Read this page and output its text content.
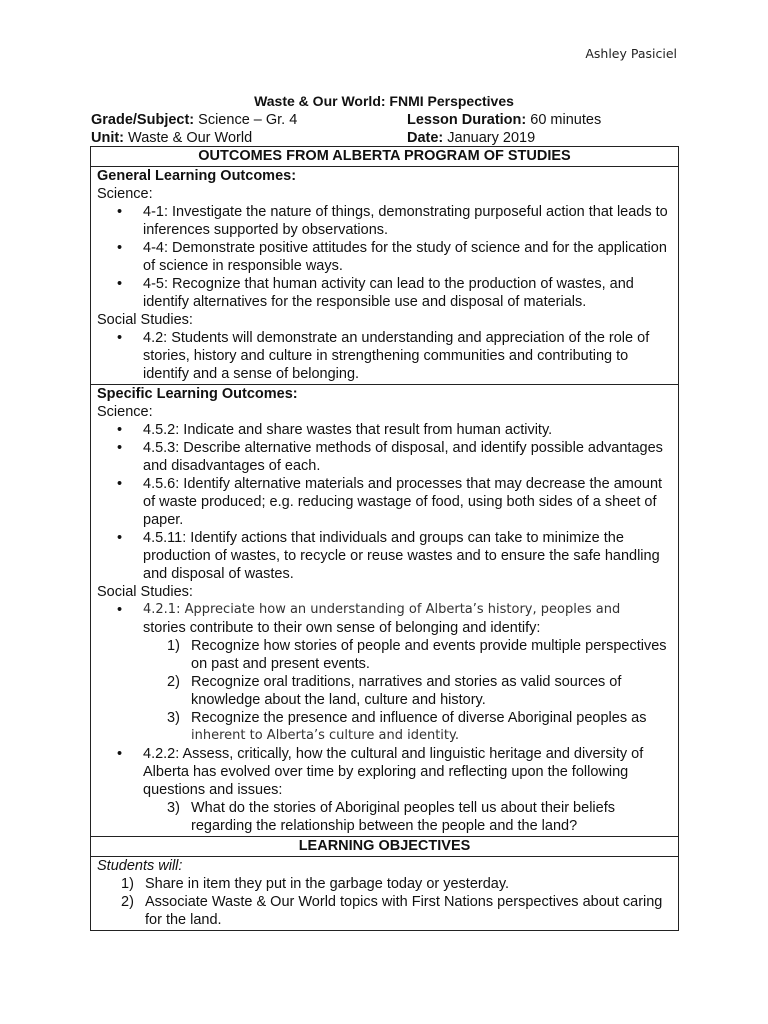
Ashley Pasiciel
Waste & Our World: FNMI Perspectives
Grade/Subject: Science – Gr. 4	Lesson Duration: 60 minutes
Unit: Waste & Our World	Date: January 2019
OUTCOMES FROM ALBERTA PROGRAM OF STUDIES

General Learning Outcomes:
Science:
• 4-1: Investigate the nature of things, demonstrating purposeful action that leads to inferences supported by observations.
• 4-4: Demonstrate positive attitudes for the study of science and for the application of science in responsible ways.
• 4-5: Recognize that human activity can lead to the production of wastes, and identify alternatives for the responsible use and disposal of materials.
Social Studies:
• 4.2: Students will demonstrate an understanding and appreciation of the role of stories, history and culture in strengthening communities and contributing to identify and a sense of belonging.

Specific Learning Outcomes:
Science:
• 4.5.2: Indicate and share wastes that result from human activity.
• 4.5.3: Describe alternative methods of disposal, and identify possible advantages and disadvantages of each.
• 4.5.6: Identify alternative materials and processes that may decrease the amount of waste produced; e.g. reducing wastage of food, using both sides of a sheet of paper.
• 4.5.11: Identify actions that individuals and groups can take to minimize the production of wastes, to recycle or reuse wastes and to ensure the safe handling and disposal of wastes.
Social Studies:
• 4.2.1: Appreciate how an understanding of Alberta’s history, peoples and
stories contribute to their own sense of belonging and identify:
1) Recognize how stories of people and events provide multiple perspectives on past and present events.
2) Recognize oral traditions, narratives and stories as valid sources of knowledge about the land, culture and history.
3) Recognize the presence and influence of diverse Aboriginal peoples as
inherent to Alberta’s culture and identity.
• 4.2.2: Assess, critically, how the cultural and linguistic heritage and diversity of Alberta has evolved over time by exploring and reflecting upon the following questions and issues:
3) What do the stories of Aboriginal peoples tell us about their beliefs regarding the relationship between the people and the land?

LEARNING OBJECTIVES

Students will:
1) Share in item they put in the garbage today or yesterday.
2) Associate Waste & Our World topics with First Nations perspectives about caring for the land.
